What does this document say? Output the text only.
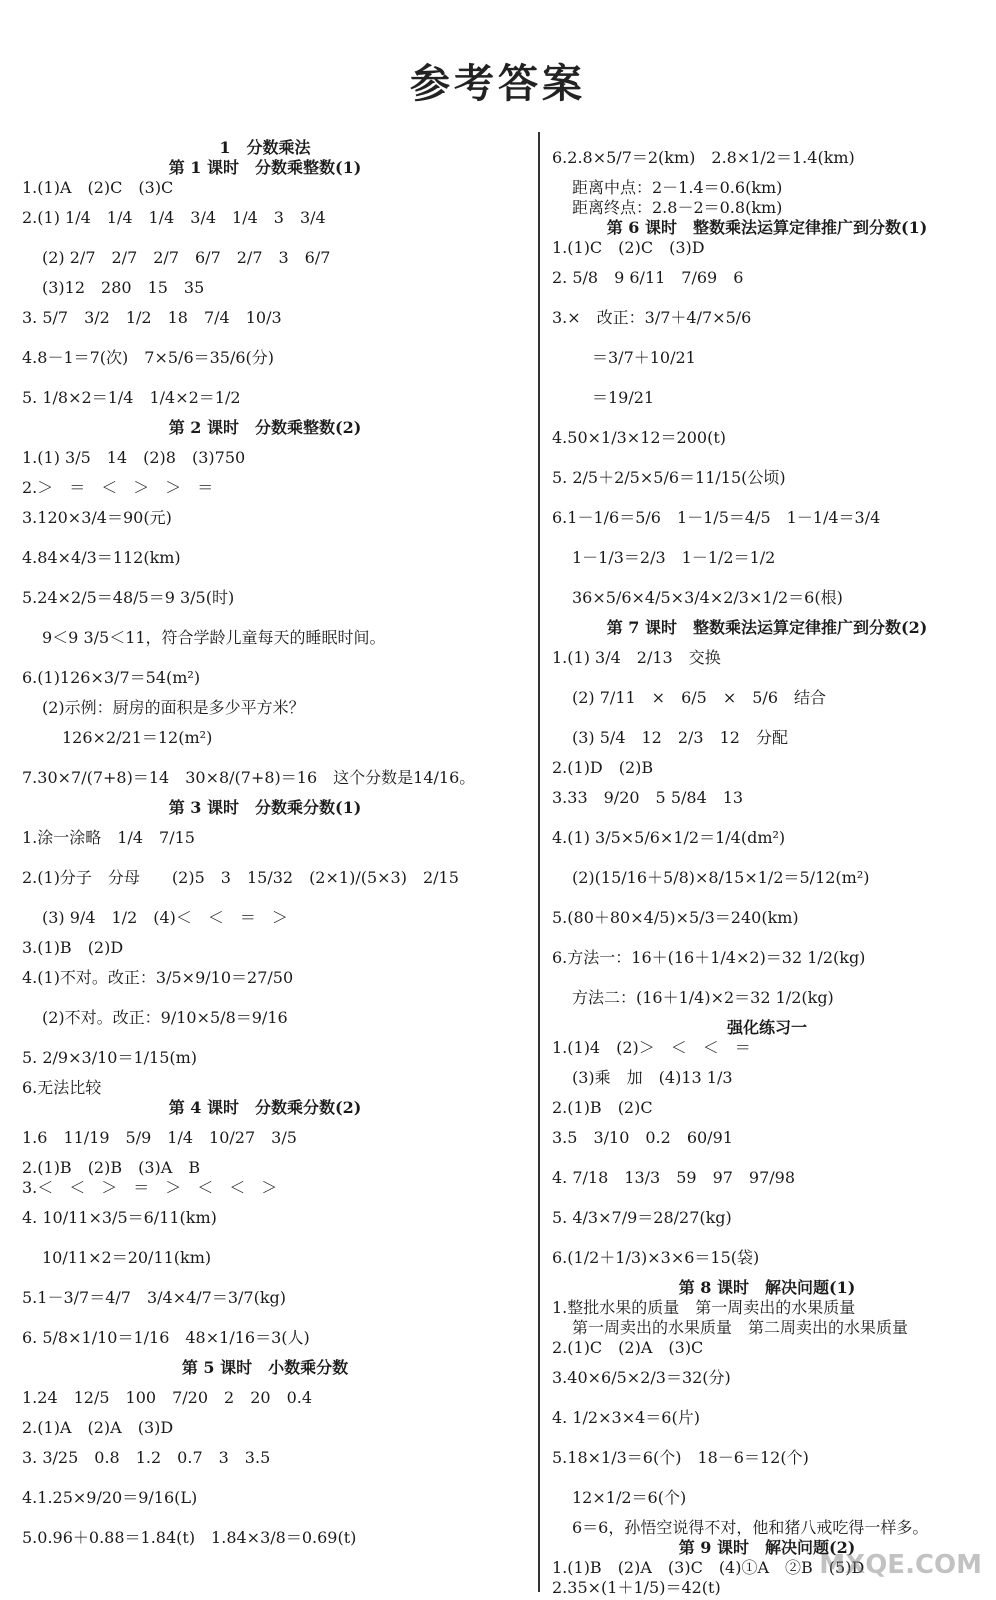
参考答案
1　分数乘法
第 1 课时　分数乘整数(1)
1.(1)A　(2)C　(3)C
2.(1) 1/4　1/4　1/4　3/4　1/4　3　3/4
(2) 2/7　2/7　2/7　6/7　2/7　3　6/7
(3)12　280　15　35
3. 5/7　3/2　1/2　18　7/4　10/3
4.8－1＝7(次)　7×5/6＝35/6(分)
5. 1/8×2＝1/4　1/4×2＝1/2
第 2 课时　分数乘整数(2)
1.(1) 3/5　14　(2)8　(3)750
2.＞　＝　＜　＞　＞　＝
3.120×3/4＝90(元)
4.84×4/3＝112(km)
5.24×2/5＝48/5＝9 3/5(时)
9＜9 3/5＜11，符合学龄儿童每天的睡眠时间。
6.(1)126×3/7＝54(m²)
(2)示例：厨房的面积是多少平方米？
126×2/21＝12(m²)
7.30×7/(7+8)＝14　30×8/(7+8)＝16　这个分数是14/16。
第 3 课时　分数乘分数(1)
1.涂一涂略　1/4　7/15
2.(1)分子　分母　　(2)5　3　15/32　(2×1)/(5×3)　2/15
(3) 9/4　1/2　(4)＜　＜　＝　＞
3.(1)B　(2)D
4.(1)不对。改正：3/5×9/10＝27/50
(2)不对。改正：9/10×5/8＝9/16
5. 2/9×3/10＝1/15(m)
6.无法比较
第 4 课时　分数乘分数(2)
1.6　11/19　5/9　1/4　10/27　3/5
2.(1)B　(2)B　(3)A　B
3.＜　＜　＞　＝　＞　＜　＜　＞
4. 10/11×3/5＝6/11(km)
10/11×2＝20/11(km)
5.1－3/7＝4/7　3/4×4/7＝3/7(kg)
6. 5/8×1/10＝1/16　48×1/16＝3(人)
第 5 课时　小数乘分数
1.24　12/5　100　7/20　2　20　0.4
2.(1)A　(2)A　(3)D
3. 3/25　0.8　1.2　0.7　3　3.5
4.1.25×9/20＝9/16(L)
5.0.96＋0.88＝1.84(t)　1.84×3/8＝0.69(t)
6.2.8×5/7＝2(km)　2.8×1/2＝1.4(km)
距离中点：2－1.4＝0.6(km)
距离终点：2.8－2＝0.8(km)
第 6 课时　整数乘法运算定律推广到分数(1)
1.(1)C　(2)C　(3)D
2. 5/8　9 6/11　7/69　6
3.×　改正：3/7＋4/7×5/6
＝3/7＋10/21
＝19/21
4.50×1/3×12＝200(t)
5. 2/5＋2/5×5/6＝11/15(公顷)
6.1－1/6＝5/6　1－1/5＝4/5　1－1/4＝3/4
1－1/3＝2/3　1－1/2＝1/2
36×5/6×4/5×3/4×2/3×1/2＝6(根)
第 7 课时　整数乘法运算定律推广到分数(2)
1.(1) 3/4　2/13　交换
(2) 7/11　×　6/5　×　5/6　结合
(3) 5/4　12　2/3　12　分配
2.(1)D　(2)B
3.33　9/20　5 5/84　13
4.(1) 3/5×5/6×1/2＝1/4(dm²)
(2)(15/16＋5/8)×8/15×1/2＝5/12(m²)
5.(80＋80×4/5)×5/3＝240(km)
6.方法一：16＋(16＋1/4×2)＝32 1/2(kg)
方法二：(16＋1/4)×2＝32 1/2(kg)
强化练习一
1.(1)4　(2)＞　＜　＜　＝
(3)乘　加　(4)13 1/3
2.(1)B　(2)C
3.5　3/10　0.2　60/91
4. 7/18　13/3　59　97　97/98
5. 4/3×7/9＝28/27(kg)
6.(1/2＋1/3)×3×6＝15(袋)
第 8 课时　解决问题(1)
1.整批水果的质量　第一周卖出的水果质量
第一周卖出的水果质量　第二周卖出的水果质量
2.(1)C　(2)A　(3)C
3.40×6/5×2/3＝32(分)
4. 1/2×3×4＝6(片)
5.18×1/3＝6(个)　18－6＝12(个)
12×1/2＝6(个)
6＝6，孙悟空说得不对，他和猪八戒吃得一样多。
第 9 课时　解决问题(2)
1.(1)B　(2)A　(3)C　(4)①A　②B　(5)D
2.35×(1＋1/5)＝42(t)
MXQE.COM
